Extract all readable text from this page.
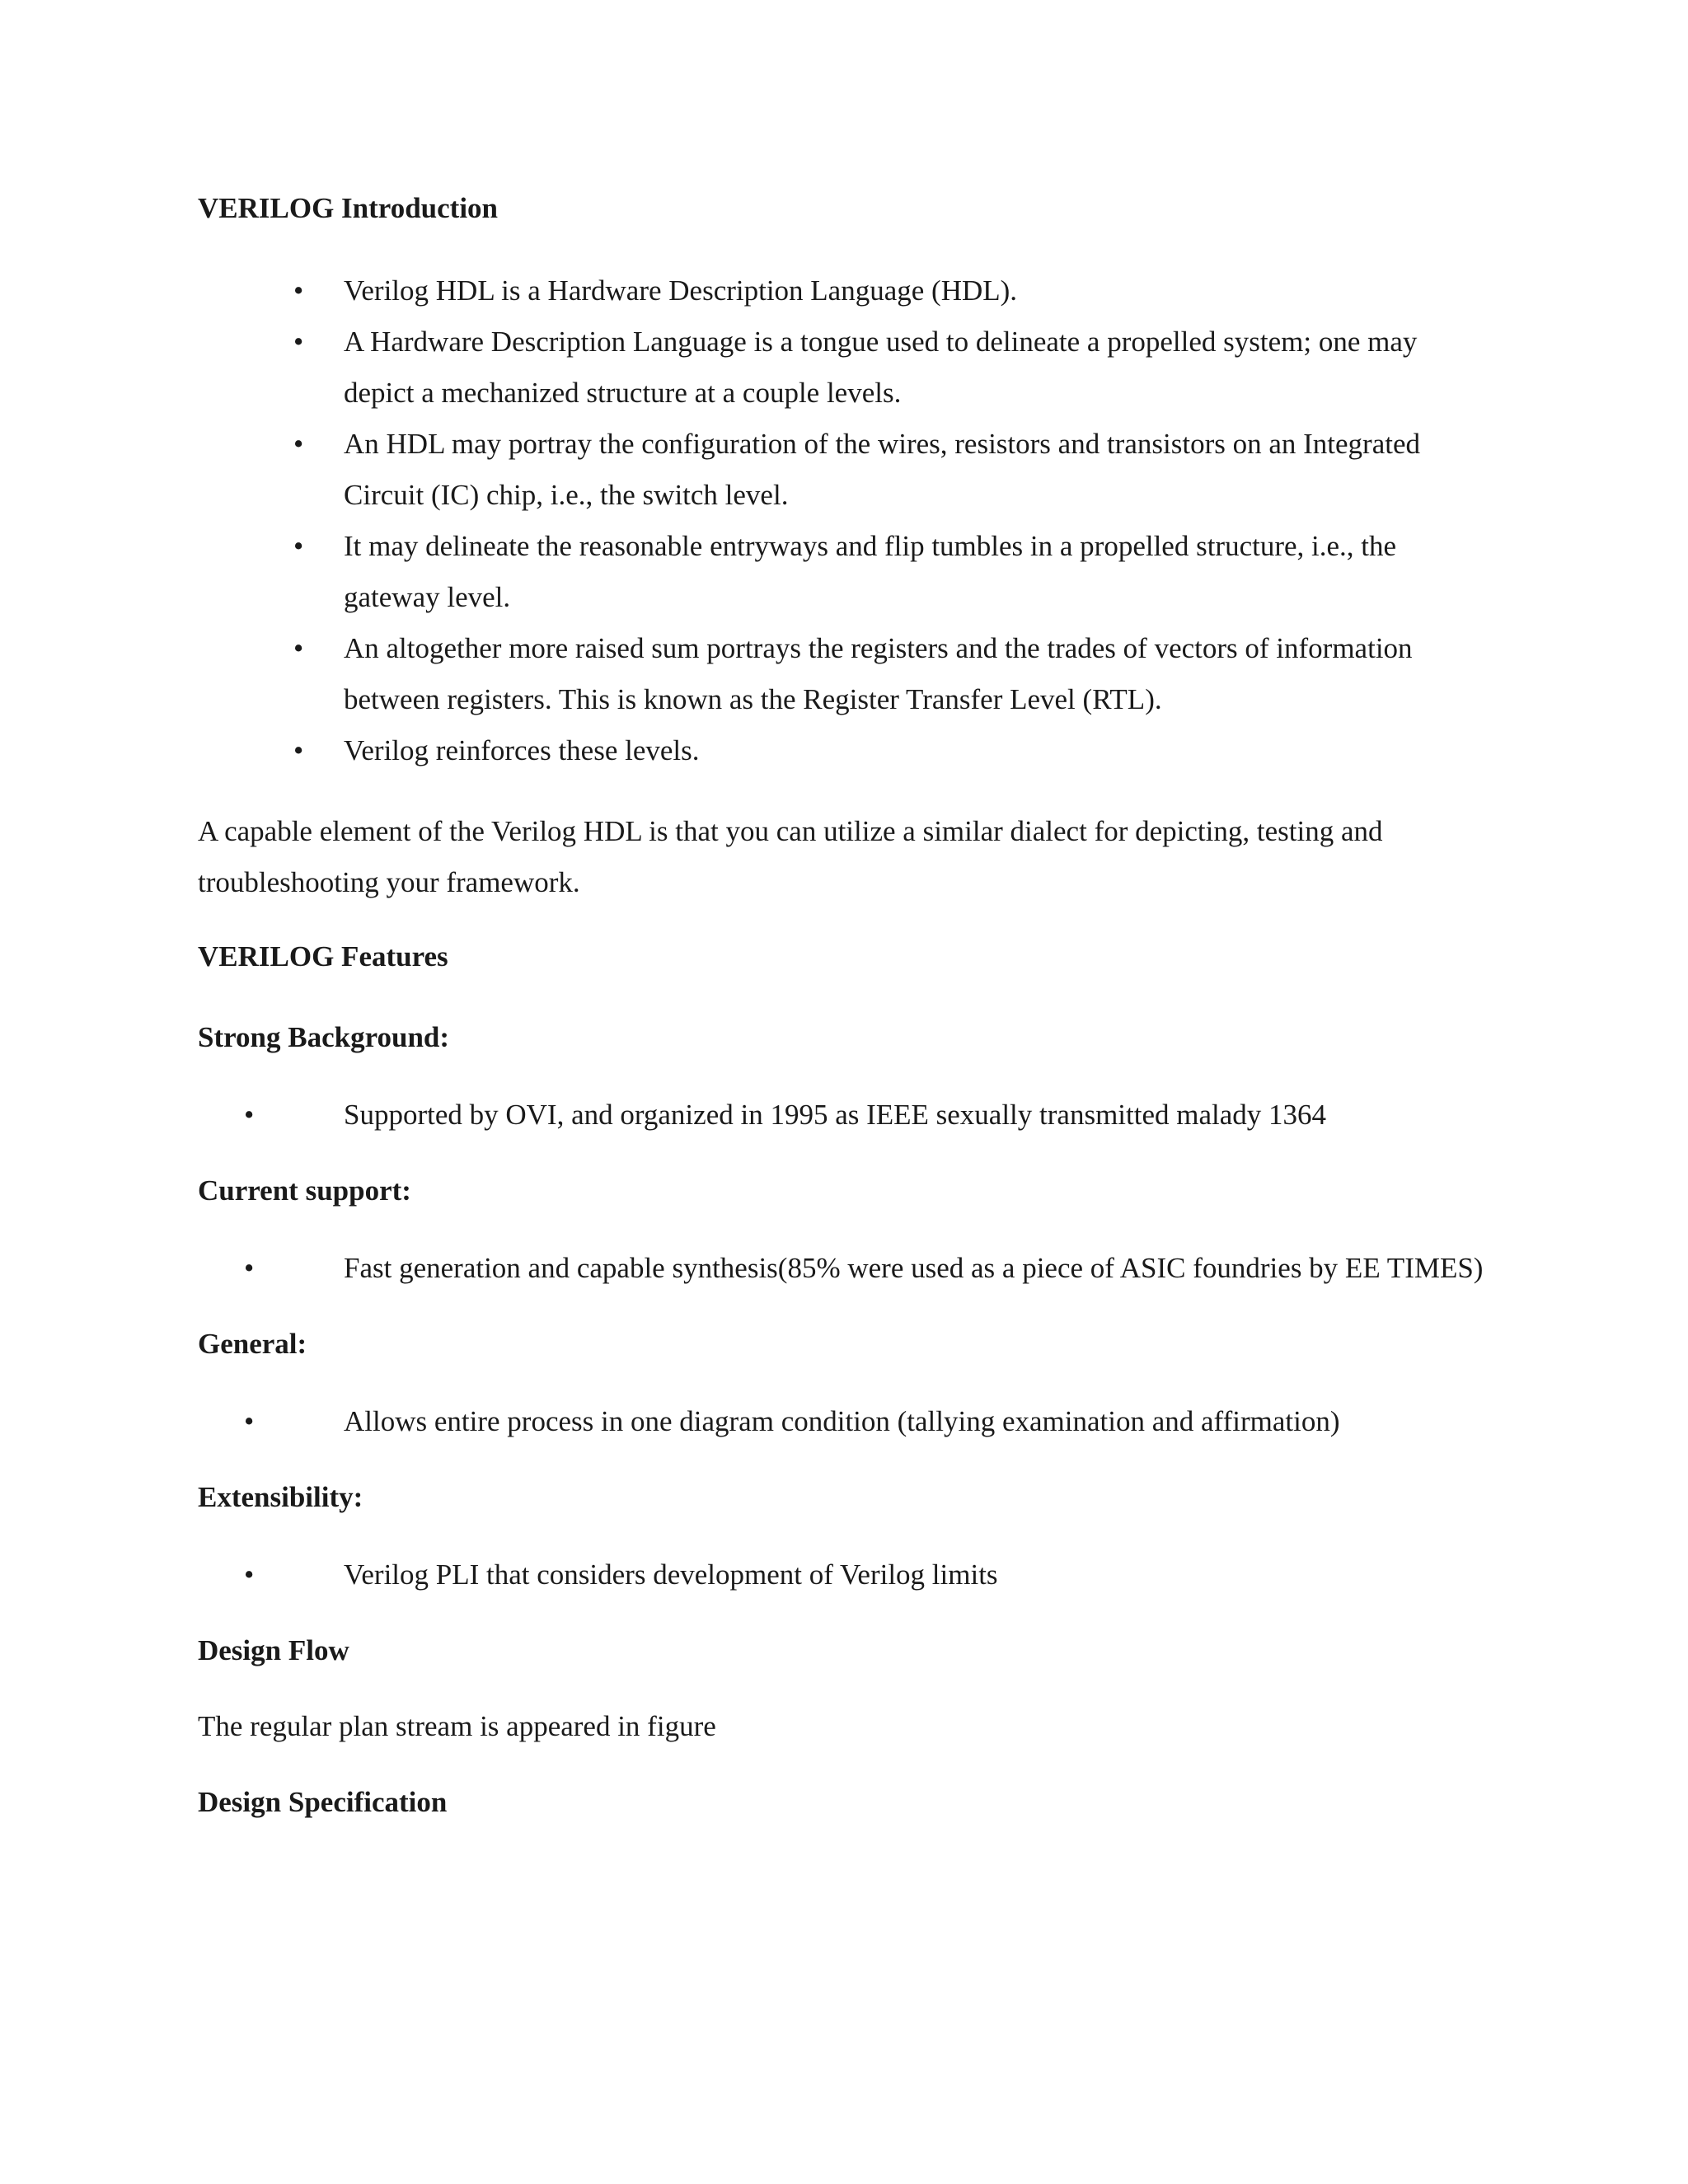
VERILOG Introduction

• Verilog HDL is a Hardware Description Language (HDL).
• A Hardware Description Language is a tongue used to delineate a propelled system; one may depict a mechanized structure at a couple levels.
• An HDL may portray the configuration of the wires, resistors and transistors on an Integrated Circuit (IC) chip, i.e., the switch level.
• It may delineate the reasonable entryways and flip tumbles in a propelled structure, i.e., the gateway level.
• An altogether more raised sum portrays the registers and the trades of vectors of information between registers. This is known as the Register Transfer Level (RTL).
• Verilog reinforces these levels.

A capable element of the Verilog HDL is that you can utilize a similar dialect for depicting, testing and troubleshooting your framework.

VERILOG Features

Strong Background:

•	Supported by OVI, and organized in 1995 as IEEE sexually transmitted malady 1364

Current support:

•	Fast generation and capable synthesis(85% were used as a piece of ASIC foundries by EE TIMES)

General:

•	Allows entire process in one diagram condition (tallying examination and affirmation)

Extensibility:

•	Verilog PLI that considers development of Verilog limits

Design Flow

The regular plan stream is appeared in figure

Design Specification
